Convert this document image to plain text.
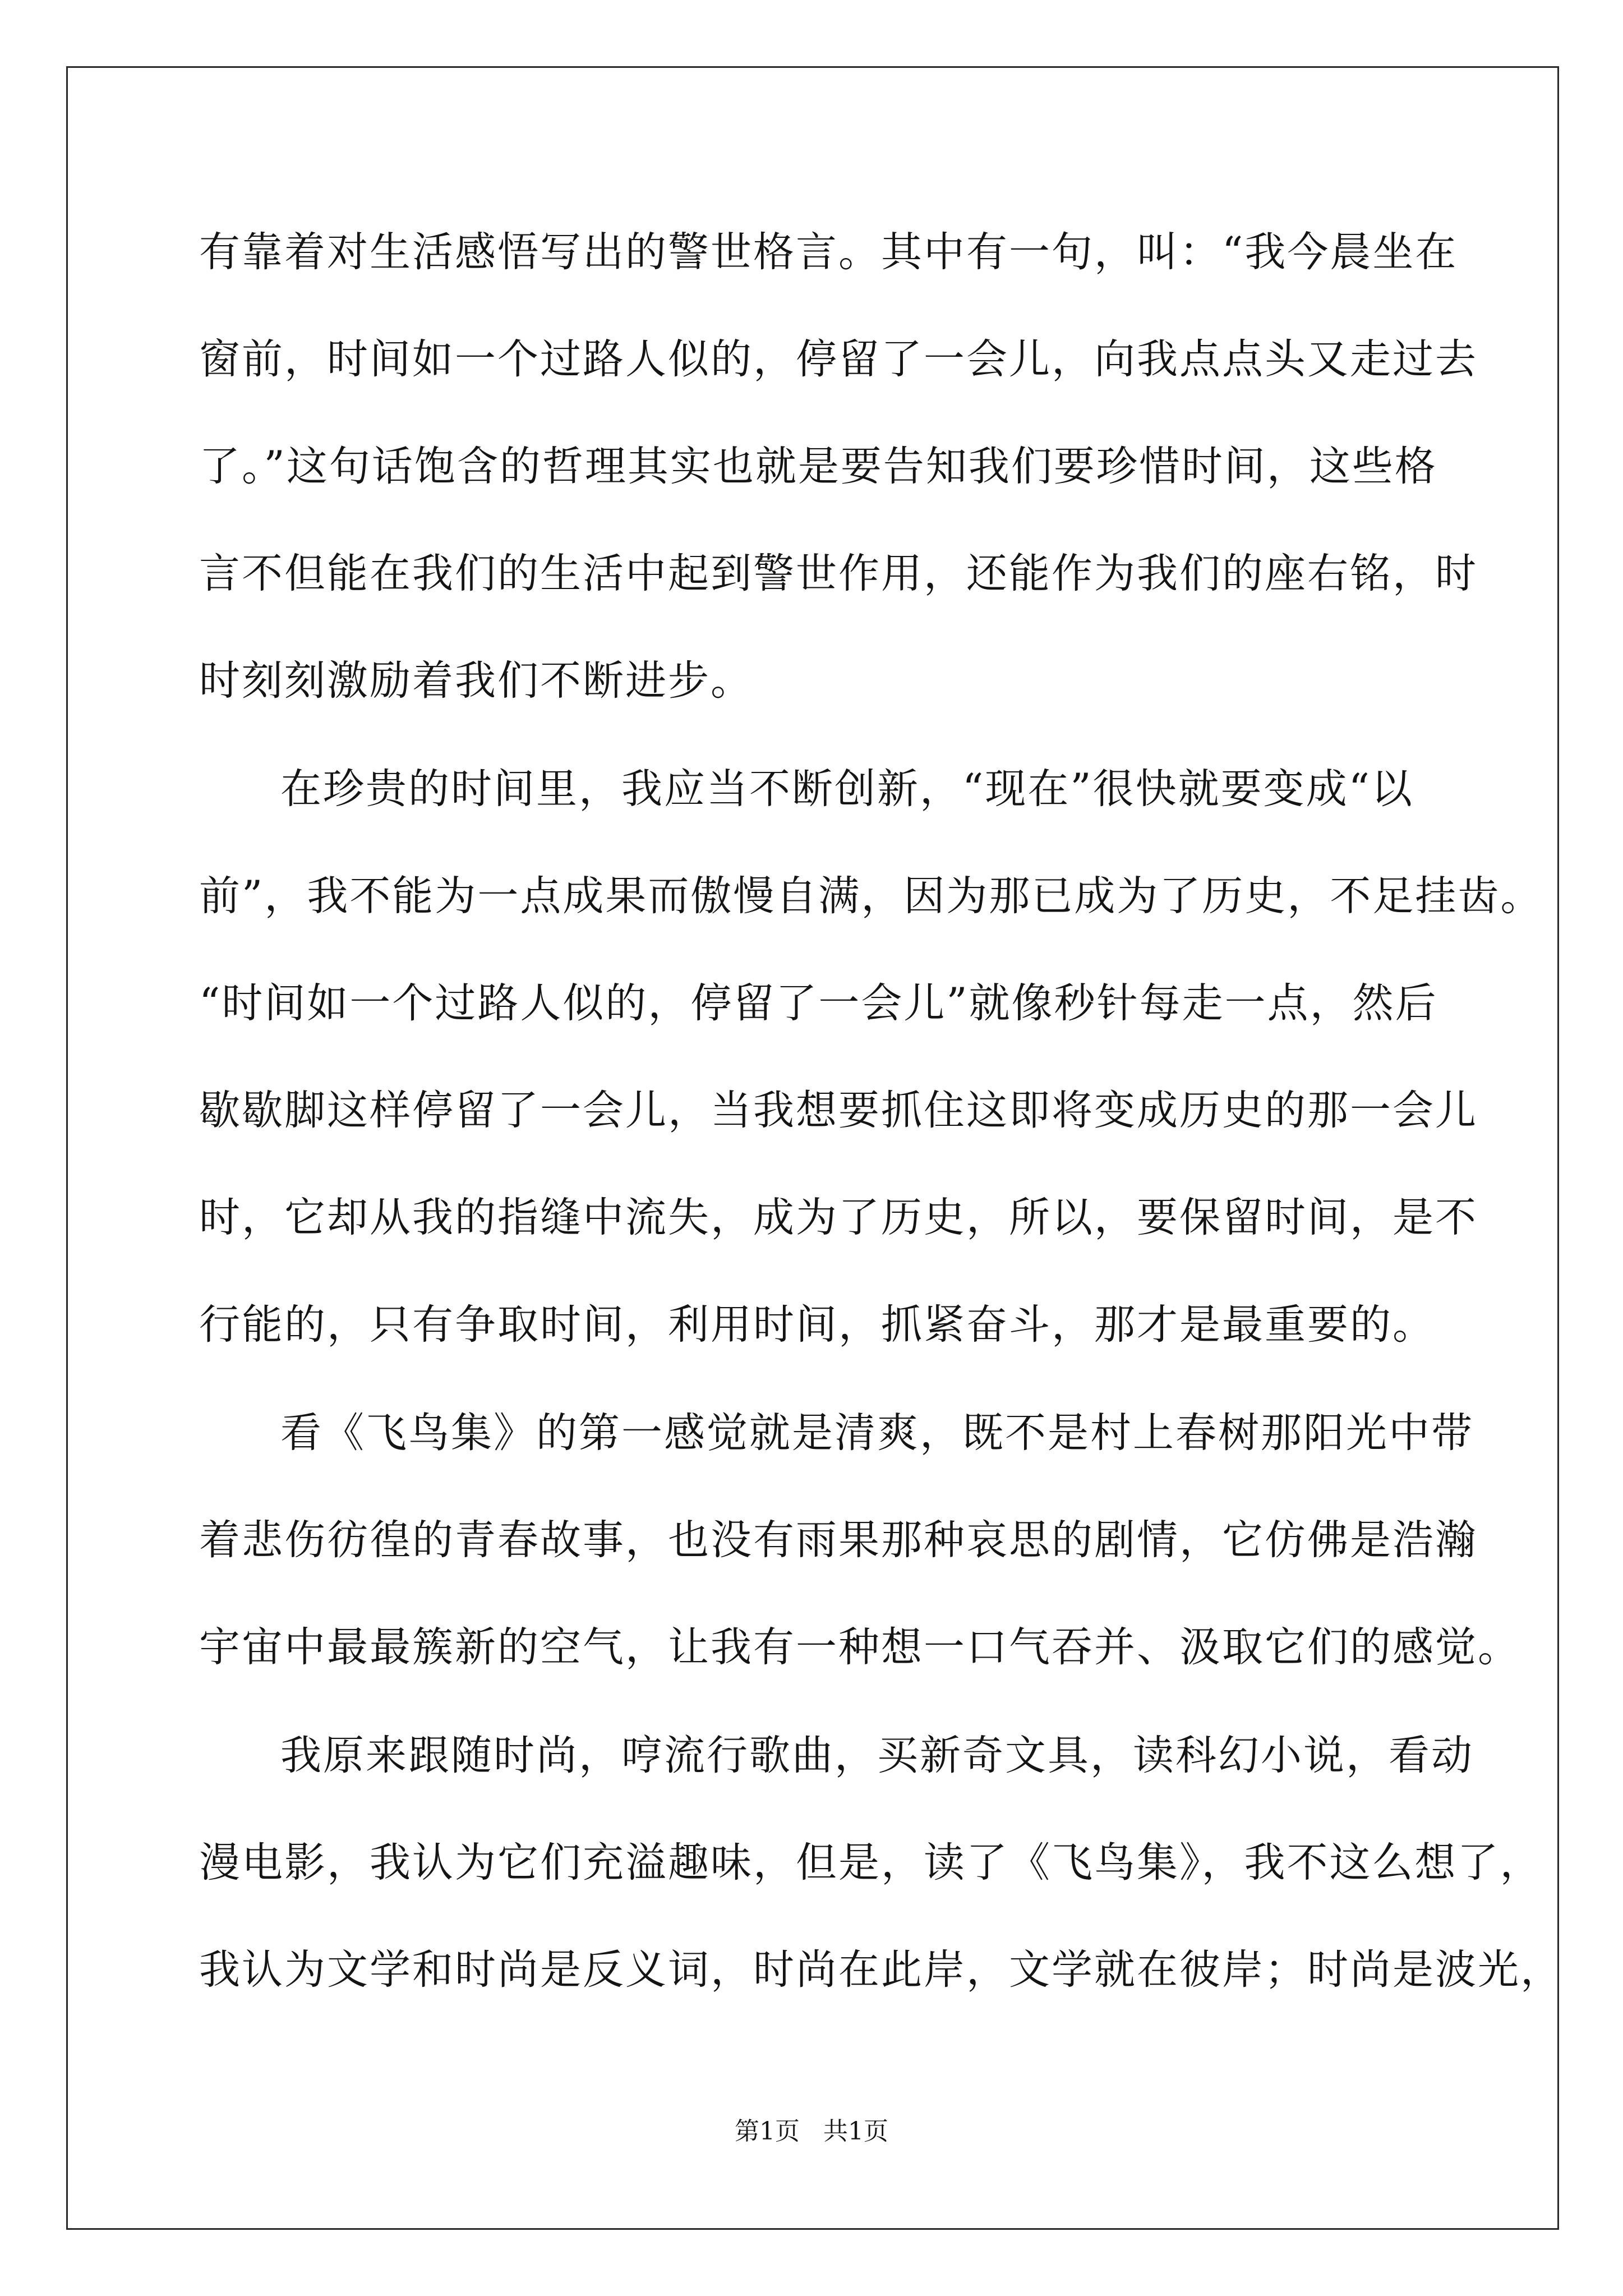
有靠着对生活感悟写出的警世格言。其中有一句，叫：“我今晨坐在
窗前，时间如一个过路人似的，停留了一会儿，向我点点头又走过去
了。”这句话饱含的哲理其实也就是要告知我们要珍惜时间，这些格
言不但能在我们的生活中起到警世作用，还能作为我们的座右铭，时
时刻刻激励着我们不断进步。
在珍贵的时间里，我应当不断创新，“现在”很快就要变成“以
前”，我不能为一点成果而傲慢自满，因为那已成为了历史，不足挂齿。
“时间如一个过路人似的，停留了一会儿”就像秒针每走一点，然后
歇歇脚这样停留了一会儿，当我想要抓住这即将变成历史的那一会儿
时，它却从我的指缝中流失，成为了历史，所以，要保留时间，是不
行能的，只有争取时间，利用时间，抓紧奋斗，那才是最重要的。
看《飞鸟集》的第一感觉就是清爽，既不是村上春树那阳光中带
着悲伤彷徨的青春故事，也没有雨果那种哀思的剧情，它仿佛是浩瀚
宇宙中最最簇新的空气，让我有一种想一口气吞并、汲取它们的感觉。
我原来跟随时尚，哼流行歌曲，买新奇文具，读科幻小说，看动
漫电影，我认为它们充溢趣味，但是，读了《飞鸟集》，我不这么想了，
我认为文学和时尚是反义词，时尚在此岸，文学就在彼岸；时尚是波光，
第1页   共1页
